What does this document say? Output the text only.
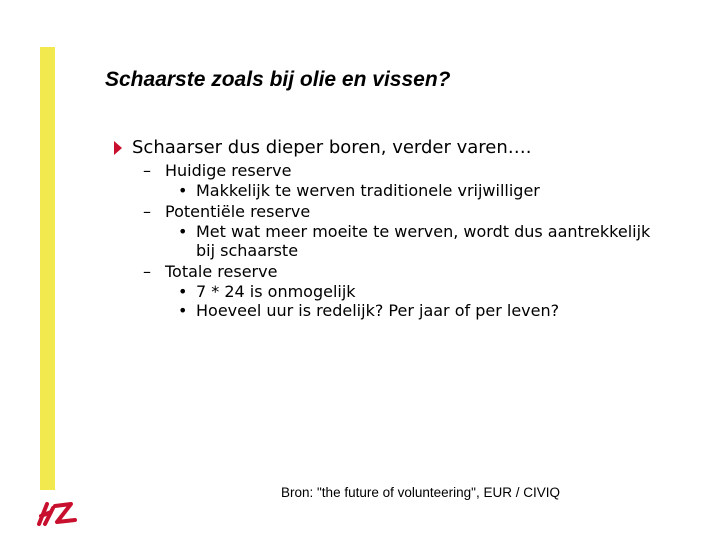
Schaarste zoals bij olie en vissen?
Schaarser dus dieper boren, verder varen….
– Huidige reserve
• Makkelijk te werven traditionele vrijwilliger
– Potentiële reserve
• Met wat meer moeite te werven, wordt dus aantrekkelijk bij schaarste
– Totale reserve
• 7 * 24 is onmogelijk
• Hoeveel uur is redelijk? Per jaar of per leven?
Bron: "the future of volunteering", EUR / CIVIQ
